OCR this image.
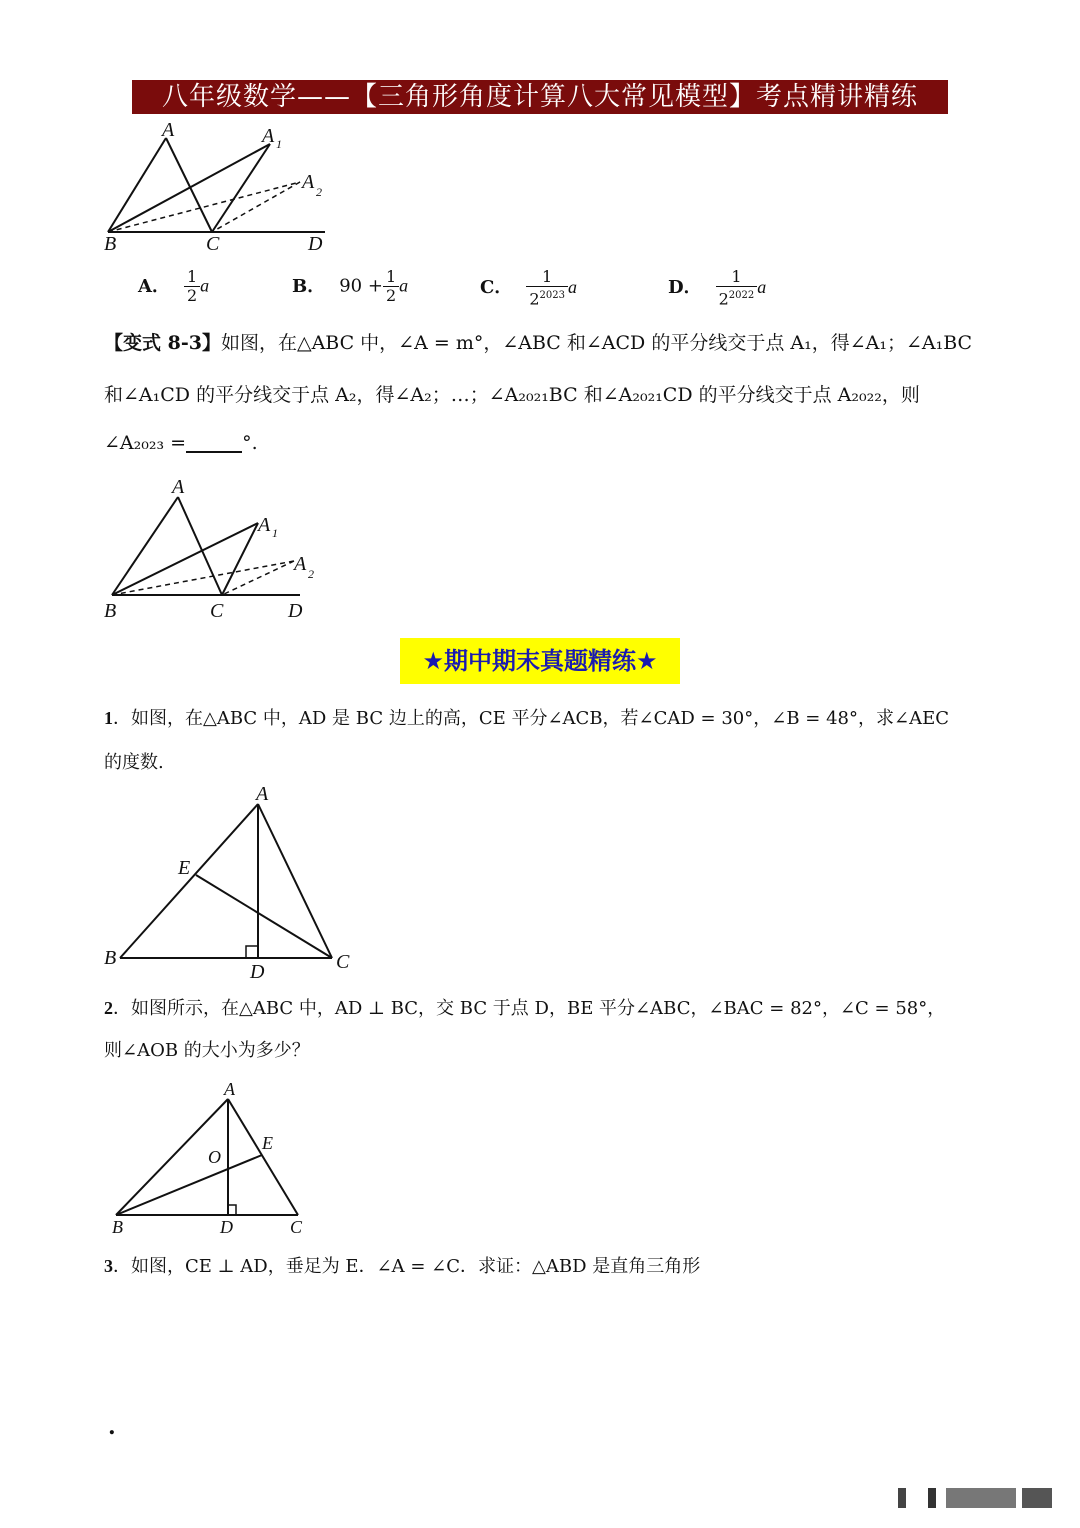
八年级数学——【三角形角度计算八大常见模型】考点精讲精练
A	A 1
A 2
B	C	D
A． $\frac{1}{2}$ a	B． $90 + \frac{1}{2}$ a	C． $\frac{1}{2^{2023}}$ a	D． $\frac{1}{2^{2022}}$ a
【变式 8-3】如图，在△ABC 中，∠A = m°，∠ABC 和∠ACD 的平分线交于点 A₁，得∠A₁；∠A₁BC
和∠A₁CD 的平分线交于点 A₂，得∠A₂；…；∠A₂₀₂₁BC 和∠A₂₀₂₁CD 的平分线交于点 A₂₀₂₂，则
∠A₂₀₂₃ =	°.
A
A 1
A 2
B	C	D
★期中期末真题精练★
1．如图，在△ABC 中，AD 是 BC 边上的高，CE 平分∠ACB，若∠CAD = 30°，∠B = 48°，求∠AEC
的度数.
A
E
B
D	C
2．如图所示，在△ABC 中，AD ⊥ BC，交 BC 于点 D，BE 平分∠ABC，∠BAC = 82°，∠C = 58°，
则∠AOB 的大小为多少？
A
E
O
B	D	C
3．如图，CE ⊥ AD，垂足为 E．∠A = ∠C．求证：△ABD 是直角三角形
.
